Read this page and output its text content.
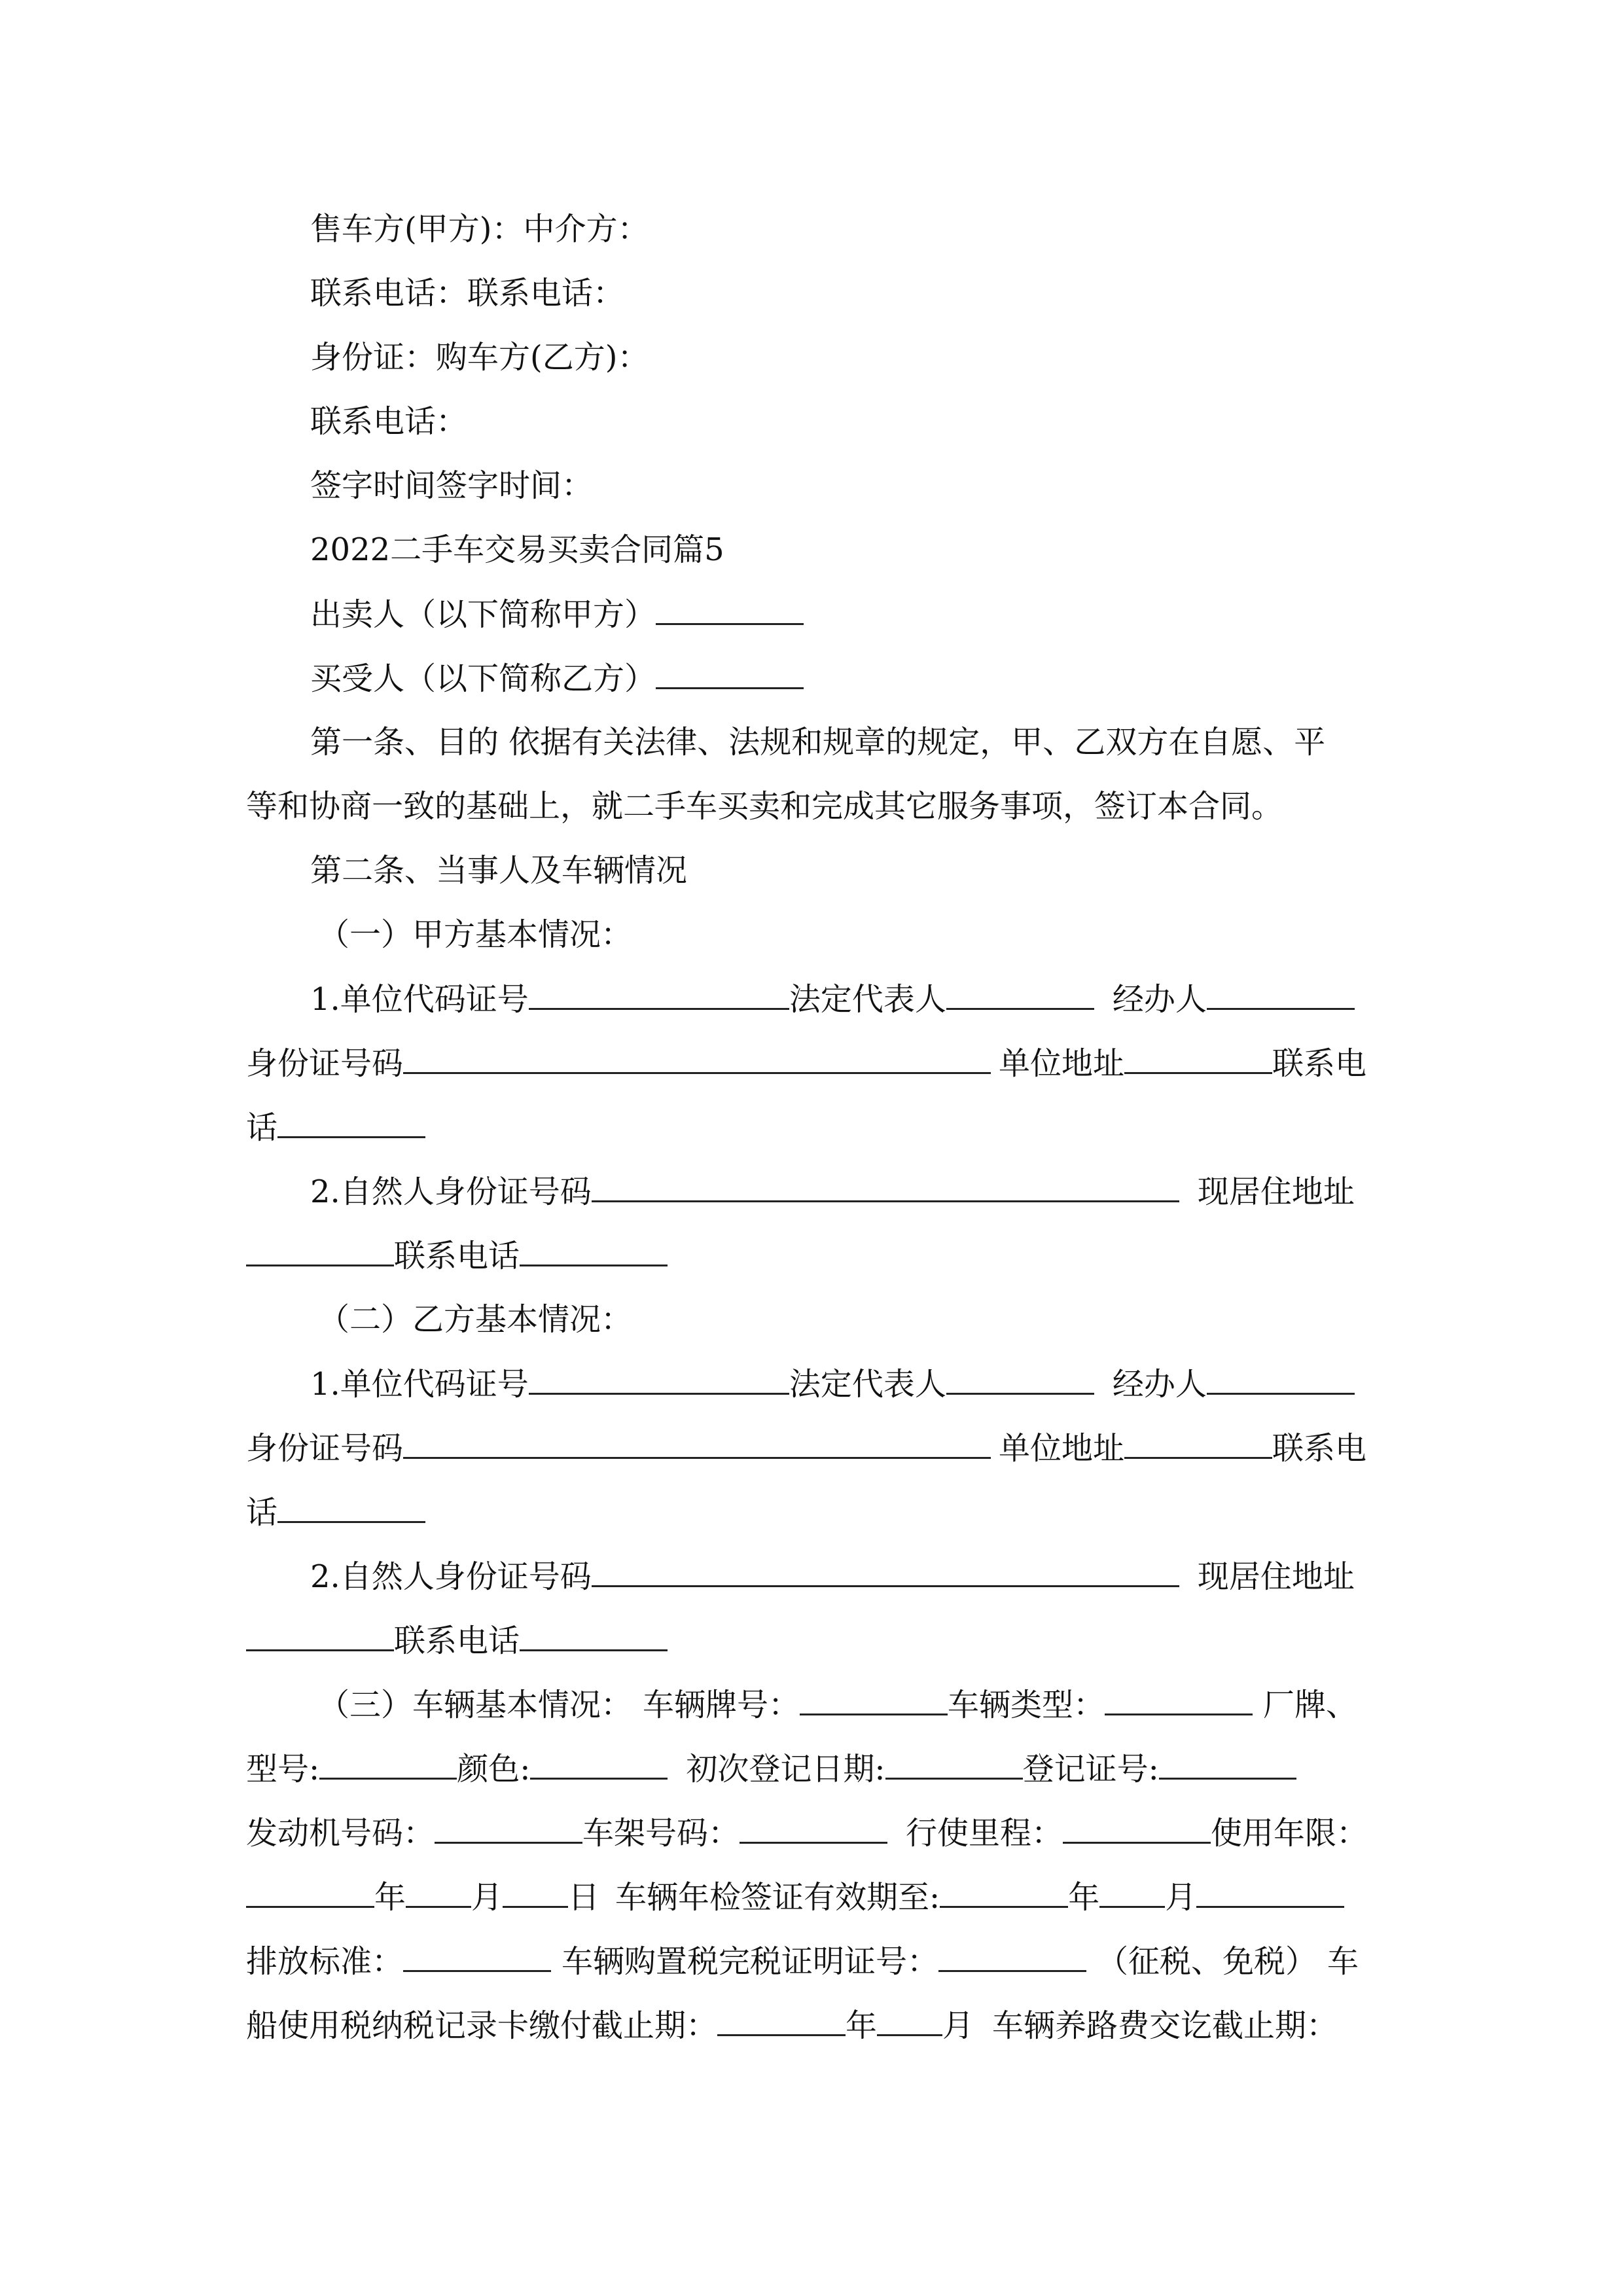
售车方(甲方)：中介方：
联系电话：联系电话：
身份证：购车方(乙方)：
联系电话：
签字时间签字时间：
2022二手车交易买卖合同篇5
出卖人（以下简称甲方）
买受人（以下简称乙方）
第一条、目的 依据有关法律、法规和规章的规定，甲、乙双方在自愿、平
等和协商一致的基础上，就二手车买卖和完成其它服务事项，签订本合同。
第二条、当事人及车辆情况
（一）甲方基本情况：
1.单位代码证号	法定代表人	经办人
身份证号码	单位地址	联系电
话
2.自然人身份证号码	现居住地址
联系电话
（二）乙方基本情况：
1.单位代码证号	法定代表人	经办人
身份证号码	单位地址	联系电
话
2.自然人身份证号码	现居住地址
联系电话
（三）车辆基本情况： 车辆牌号：	车辆类型：	厂牌、
型号:	颜色:	初次登记日期:	登记证号:
发动机号码：	车架号码：	行使里程：	使用年限：
年 月 日 车辆年检签证有效期至:	年 月
排放标准：	车辆购置税完税证明证号：	（征税、免税） 车
船使用税纳税记录卡缴付截止期：	年 月 车辆养路费交讫截止期：
